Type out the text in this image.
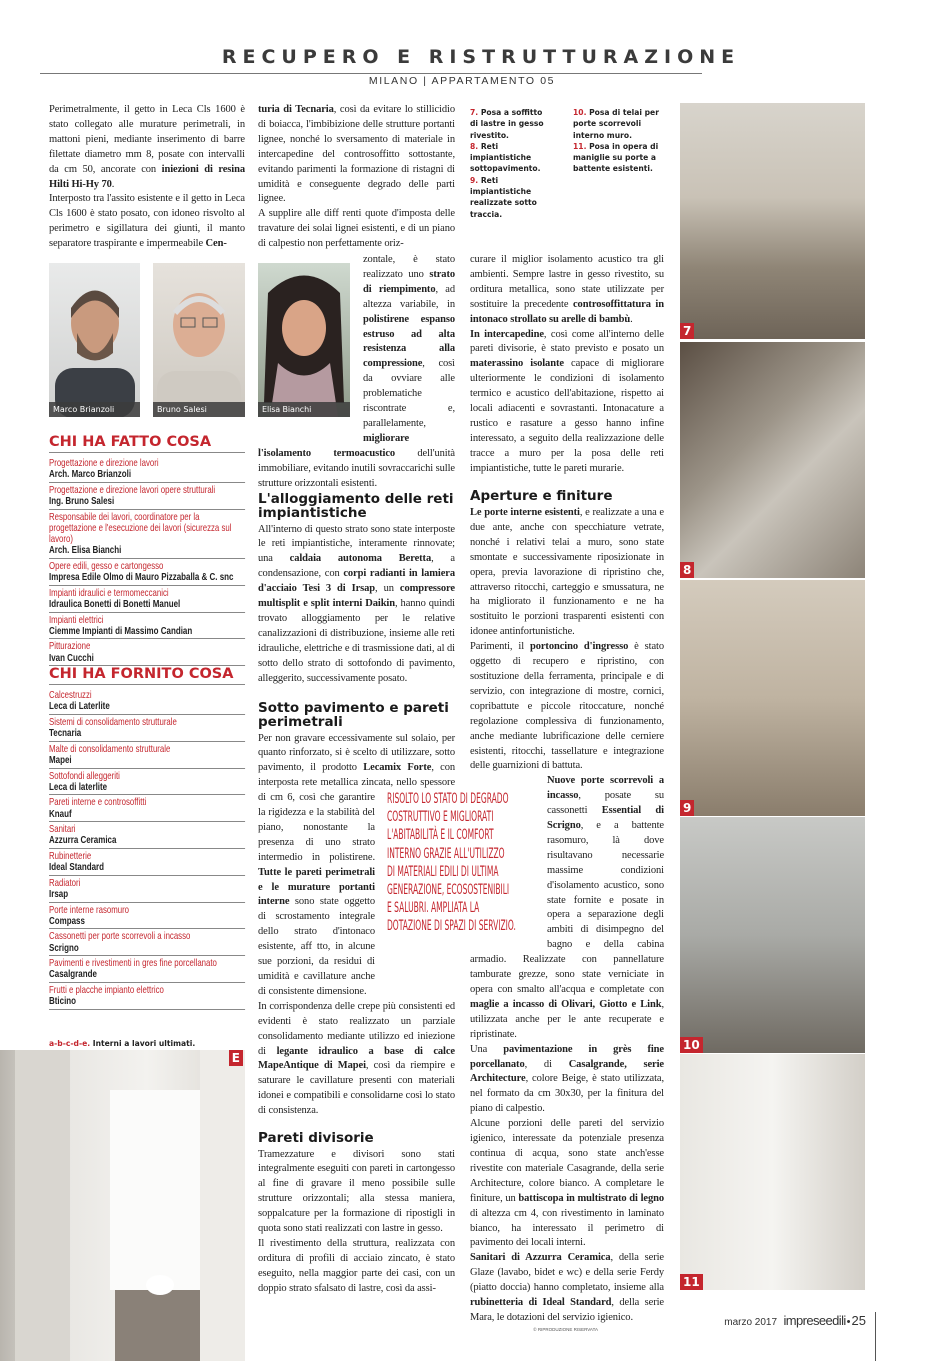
RECUPERO E RISTRUTTURAZIONE
MILANO | APPARTAMENTO 05

Perimetralmente, il getto in Leca Cls 1600 è stato collegato alle murature perimetrali, in mattoni pieni, mediante inserimento di barre filettate diametro mm 8, posate con intervalli da cm 50, ancorate con iniezioni di resina Hilti Hi-Hy 70.

Interposto tra l'assito esistente e il getto in Leca Cls 1600 è stato posato, con idoneo risvolto al perimetro e sigillatura dei giunti, il manto separatore traspirante e impermeabile Cen-

Marco Brianzoli	Bruno Salesi
CHI HA FATTO COSA
Progettazione e direzione lavori
Arch. Marco Brianzoli
Progettazione e direzione lavori opere strutturali
Ing. Bruno Salesi
Responsabile dei lavori, coordinatore per la progettazione e l'esecuzione dei lavori (sicurezza sul lavoro)
Arch. Elisa Bianchi
Opere edili, gesso e cartongesso
Impresa Edile Olmo di Mauro Pizzaballa & C. snc
Impianti idraulici e termomeccanici
Idraulica Bonetti di Bonetti Manuel
Impianti elettrici
Ciemme Impianti di Massimo Candian
Pitturazione
Ivan Cucchi
CHI HA FORNITO COSA
Calcestruzzi
Leca di Laterlite
Sistemi di consolidamento strutturale
Tecnaria
Malte di consolidamento strutturale
Mapei
Sottofondi alleggeriti
Leca di laterlite
Pareti interne e controsoffitti
Knauf
Sanitari
Azzurra Ceramica
Rubinetterie
Ideal Standard
Radiatori
Irsap
Porte interne rasomuro
Compass
Cassonetti per porte scorrevoli a incasso
Scrigno
Pavimenti e rivestimenti in gres fine porcellanato
Casalgrande
Frutti e placche impianto elettrico
Bticino
a-b-c-d-e. Interni a lavori ultimati.
E

turia di Tecnaria, così da evitare lo stillicidio di boiacca, l'imbibizione delle strutture portanti lignee, nonché lo sversamento di materiale in intercapedine del controsoffitto sottostante, evitando parimenti la formazione di ristagni di umidità e conseguente degrado delle parti lignee.

A supplire alle diff renti quote d'imposta delle travature dei solai lignei esistenti, e di un piano di calpestio non perfettamente oriz-

Elisa Bianchi

zontale, è stato realizzato uno strato di riempimento, ad altezza variabile, in polistirene espanso estruso ad alta resistenza alla compressione, così da ovviare alle problematiche riscontrate e, parallelamente, migliorare l'isolamento termoacustico dell'unità immobiliare, evitando inutili sovraccarichi sulle strutture orizzontali esistenti.

L'alloggiamento delle reti impiantistiche

All'interno di questo strato sono state interposte le reti impiantistiche, interamente rinnovate; una caldaia autonoma Beretta, a condensazione, con corpi radianti in lamiera d'acciaio Tesi 3 di Irsap, un compressore multisplit e split interni Daikin, hanno quindi trovato alloggiamento per le relative canalizzazioni di distribuzione, insieme alle reti idrauliche, elettriche e di trasmissione dati, al di sotto dello strato di sottofondo di pavimento, alleggerito, successivamente posato.

Sotto pavimento e pareti perimetrali

Per non gravare eccessivamente sul solaio, per quanto rinforzato, si è scelto di utilizzare, sotto pavimento, il prodotto Lecamix Forte, con interposta rete metallica zincata, nello spessore di cm 6, così che garantire la rigidezza e la stabilità del piano, nonostante la presenza di uno strato intermedio in polistirene. Tutte le pareti perimetrali e le murature portanti interne sono state oggetto di scrostamento integrale dello strato d'intonaco esistente, aff tto, in alcune sue porzioni, da residui di umidità e cavillature anche di consistente dimensione.

In corrispondenza delle crepe più consistenti ed evidenti è stato realizzato un parziale consolidamento mediante utilizzo ed iniezione di legante idraulico a base di calce MapeAntique di Mapei, così da riempire e saturare le cavillature presenti con materiali idonei e compatibili e consolidarne così lo stato di consistenza.

Pareti divisorie

Tramezzature e divisori sono stati integralmente eseguiti con pareti in cartongesso al fine di gravare il meno possibile sulle strutture orizzontali; alla stessa maniera, soppalcature per la formazione di ripostigli in quota sono stati realizzati con lastre in gesso.

Il rivestimento della struttura, realizzata con orditura di profili di acciaio zincato, è stato eseguito, nella maggior parte dei casi, con un doppio strato sfalsato di lastre, così da assi-

RISOLTO LO STATO DI DEGRADO
COSTRUTTIVO E MIGLIORATI
L'ABITABILITÀ E IL COMFORT
INTERNO GRAZIE ALL'UTILIZZO
DI MATERIALI EDILI DI ULTIMA
GENERAZIONE, ECOSOSTENIBILI
E SALUBRI. AMPLIATA LA
DOTAZIONE DI SPAZI DI SERVIZIO.
7. Posa a soffitto di lastre in gesso rivestito.
8. Reti impiantistiche sottopavimento.
9. Reti impiantistiche realizzate sotto traccia.
10. Posa di telai per porte scorrevoli interno muro.
11. Posa in opera di maniglie su porte a battente esistenti.

curare il miglior isolamento acustico tra gli ambienti. Sempre lastre in gesso rivestito, su orditura metallica, sono state utilizzate per sostituire la precedente controsoffittatura in intonaco strollato su arelle di bambù.

In intercapedine, così come all'interno delle pareti divisorie, è stato previsto e posato un materassino isolante capace di migliorare ulteriormente le condizioni di isolamento termico e acustico dell'abitazione, rispetto ai locali adiacenti e sovrastanti. Intonacature a rustico e rasature a gesso hanno infine interessato, a seguito della realizzazione delle tracce a muro per la posa delle reti impiantistiche, tutte le pareti murarie.

Aperture e finiture

Le porte interne esistenti, e realizzate a una e due ante, anche con specchiature vetrate, nonché i relativi telai a muro, sono state smontate e successivamente riposizionate in opera, previa lavorazione di ripristino che, attraverso ritocchi, carteggio e smussatura, ne ha migliorato il funzionamento e ne ha sostituito le porzioni trasparenti esistenti con idonee antinfortunistiche.

Parimenti, il portoncino d'ingresso è stato oggetto di recupero e ripristino, con sostituzione della ferramenta, principale e di servizio, con integrazione di mostre, cornici, copribattute e piccole ritoccature, nonché regolazione complessiva di funzionamento, anche mediante lubrificazione delle cerniere esistenti, ritocchi, tassellature e integrazione delle guarnizioni di battuta.

Nuove porte scorrevoli a incasso, posate su cassonetti Essential di Scrigno, e a battente rasomuro, là dove risultavano necessarie massime condizioni d'isolamento acustico, sono state fornite e posate in opera a separazione degli ambiti di disimpegno del bagno e della cabina armadio. Realizzate con pannellature tamburate grezze, sono state verniciate in opera con smalto all'acqua e completate con maglie a incasso di Olivari, Giotto e Link, utilizzata anche per le ante recuperate e ripristinate.

Una pavimentazione in grès fine porcellanato, di Casalgrande, serie Architecture, colore Beige, è stato utilizzata, nel formato da cm 30x30, per la finitura del piano di calpestio.

Alcune porzioni delle pareti del servizio igienico, interessate da potenziale presenza continua di acqua, sono state anch'esse rivestite con materiale Casagrande, della serie Architecture, colore bianco. A completare le finiture, un battiscopa in multistrato di legno di altezza cm 4, con rivestimento in laminato bianco, ha interessato il perimetro di pavimento dei locali interni.

Sanitari di Azzurra Ceramica, della serie Glaze (lavabo, bidet e wc) e della serie Ferdy (piatto doccia) hanno completato, insieme alla rubinetteria di Ideal Standard, della serie Mara, le dotazioni del servizio igienico.

© RIPRODUZIONE RISERVATA
7
8
9
10
11
marzo 2017 impreseedili•25
